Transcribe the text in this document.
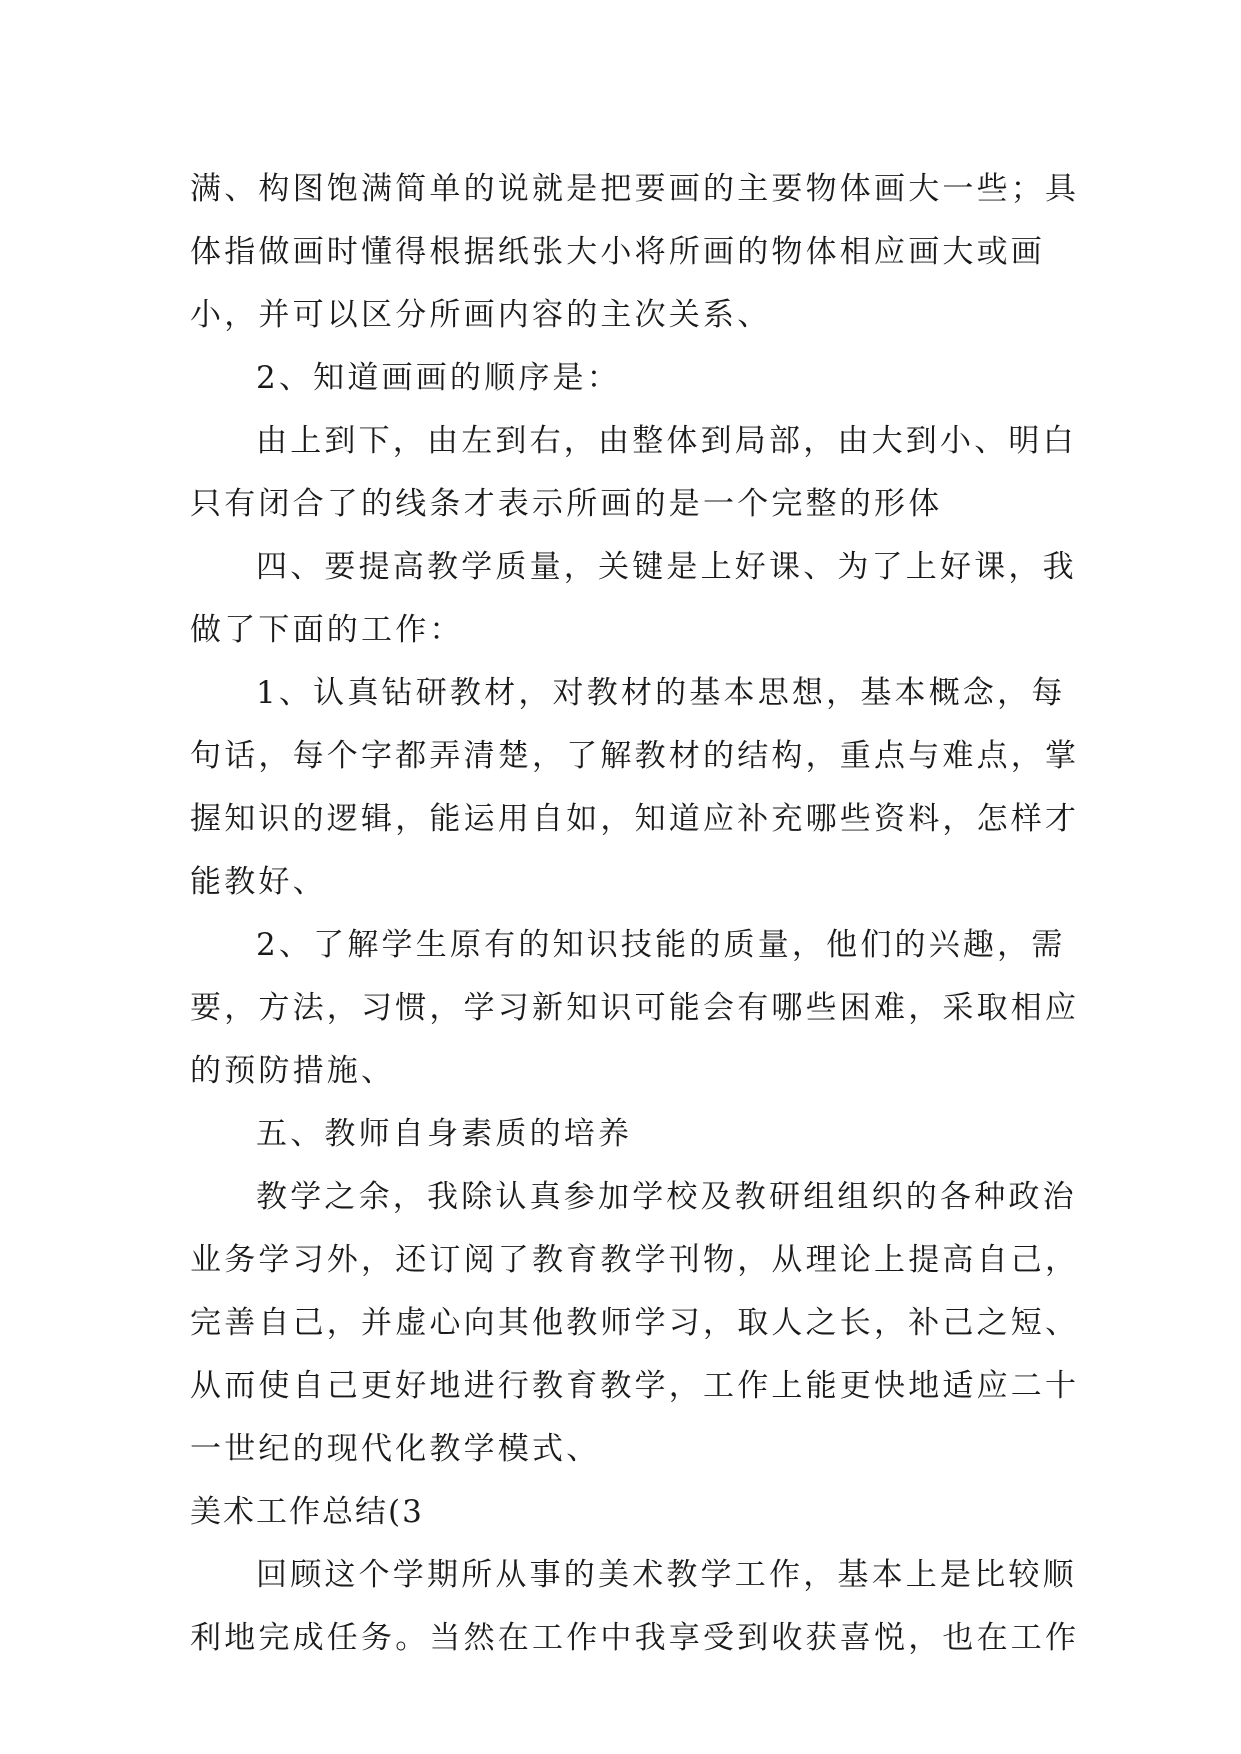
满、构图饱满简单的说就是把要画的主要物体画大一些；具
体指做画时懂得根据纸张大小将所画的物体相应画大或画
小，并可以区分所画内容的主次关系、
2、知道画画的顺序是：
由上到下，由左到右，由整体到局部，由大到小、明白
只有闭合了的线条才表示所画的是一个完整的形体
四、要提高教学质量，关键是上好课、为了上好课，我
做了下面的工作：
1、认真钻研教材，对教材的基本思想，基本概念，每
句话，每个字都弄清楚，了解教材的结构，重点与难点，掌
握知识的逻辑，能运用自如，知道应补充哪些资料，怎样才
能教好、
2、了解学生原有的知识技能的质量，他们的兴趣，需
要，方法，习惯，学习新知识可能会有哪些困难，采取相应
的预防措施、
五、教师自身素质的培养
教学之余，我除认真参加学校及教研组组织的各种政治
业务学习外，还订阅了教育教学刊物，从理论上提高自己，
完善自己，并虚心向其他教师学习，取人之长，补己之短、
从而使自己更好地进行教育教学，工作上能更快地适应二十
一世纪的现代化教学模式、
美术工作总结(3
回顾这个学期所从事的美术教学工作，基本上是比较顺
利地完成任务。当然在工作中我享受到收获喜悦，也在工作
